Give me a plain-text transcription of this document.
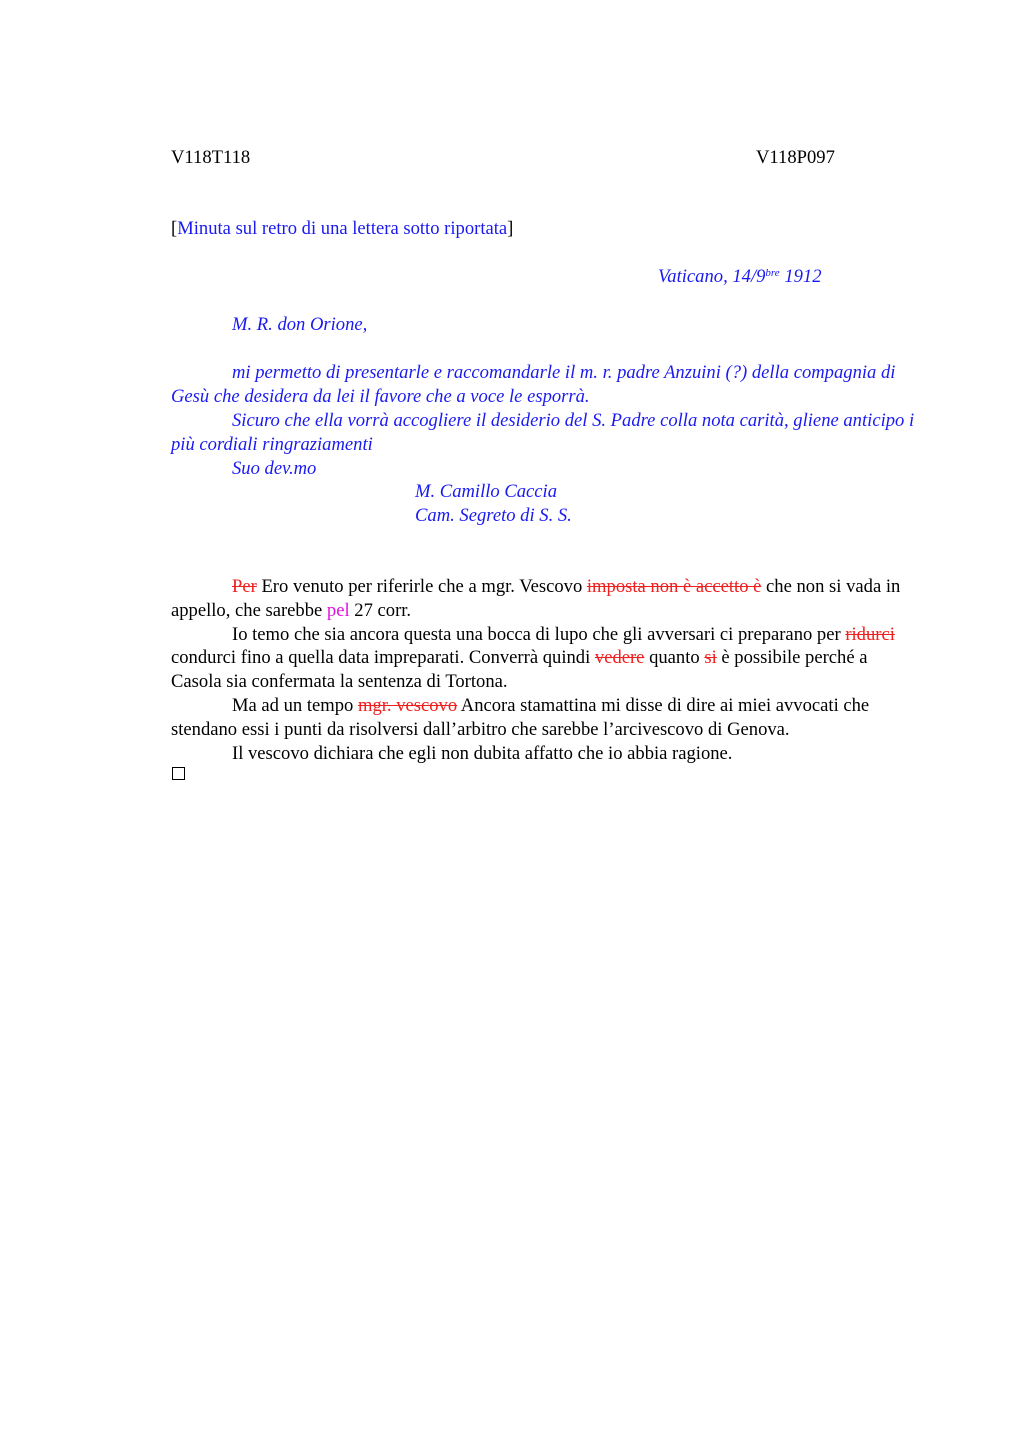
V118T118	V118P097
[Minuta sul retro di una lettera sotto riportata]
Vaticano, $14/9^{bre}$ 1912
M. R. don Orione,

mi permetto di presentarle e raccomandarle il m. r. padre Anzuini (?) della compagnia di Gesù che desidera da lei il favore che a voce le esporrà.

Sicuro che ella vorrà accogliere il desiderio del S. Padre colla nota carità, gliene anticipo i più cordiali ringraziamenti

Suo dev.mo

M. Camillo Caccia
Cam. Segreto di S. S.

Per Ero venuto per riferirle che a mgr. Vescovo imposta non è accetto è che non si vada in appello, che sarebbe pel 27 corr.

Io temo che sia ancora questa una bocca di lupo che gli avversari ci preparano per ridurci condurci fino a quella data impreparati. Converrà quindi vedere quanto si è possibile perché a Casola sia confermata la sentenza di Tortona.

Ma ad un tempo mgr. vescovo Ancora stamattina mi disse di dire ai miei avvocati che stendano essi i punti da risolversi dall’arbitro che sarebbe l’arcivescovo di Genova.

Il vescovo dichiara che egli non dubita affatto che io abbia ragione.
